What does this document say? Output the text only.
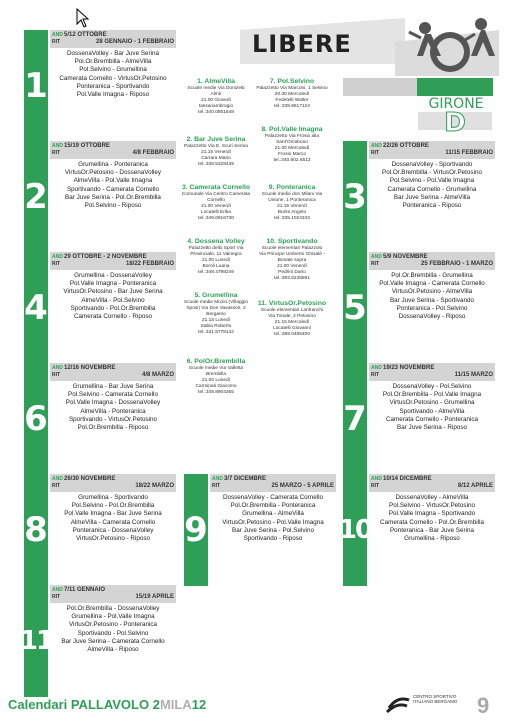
LIBERE
GIRONE
D
1
AND
RIT
5/12 OTTOBRE
28 GENNAIO - 1 FEBBRAIO
DossenaVolley - Bar Juve Serina
Pol.Or.Brembilla - AlmeVilla
Pol.Selvino - Grumellina
Camerata Cornello - VirtusOr.Petosino
Ponteranica - Sportivando
Pol.Valle Imagna - Riposo
2
AND
RIT
15/19 OTTOBRE
4/8 FEBBRAIO
Grumellina - Ponteranica
VirtusOr.Petosino - DossenaVolley
AlmeVilla - Pol.Valle Imagna
Sportivando - Camerata Cornello
Bar Juve Serina - Pol.Or.Brembilla
Pol.Selvino - Riposo	3
AND
RIT
22/26 OTTOBRE
11/15 FEBBRAIO
DossenaVolley - Sportivando
Pol.Or.Brembilla - VirtusOr.Petosino
Pol.Selvino - Pol.Valle Imagna
Camerata Cornello - Grumellina
Bar Juve Serina - AlmeVilla
Ponteranica - Riposo
4
AND
RIT
29 OTTOBRE - 2 NOVEMBRE
18/22 FEBBRAIO
Grumellina - DossenaVolley
Pol.Valle Imagna - Ponteranica
VirtusOr.Petosino - Bar Juve Serina
AlmeVilla - Pol.Selvino
Sportivando - Pol.Or.Brembilla
Camerata Cornello - Riposo	5
AND
RIT
5/9 NOVEMBRE
25 FEBBRAIO - 1 MARZO
Pol.Or.Brembilla - Grumellina
Pol.Valle Imagna - Camerata Cornello
VirtusOr.Petosino - AlmeVilla
Bar Juve Serina - Sportivando
Ponteranica - Pol.Selvino
DossenaVolley - Riposo
6
AND
RIT
12/16 NOVEMBRE
4/8 MARZO
Grumellina - Bar Juve Serina
Pol.Selvino - Camerata Cornello
Pol.Valle Imagna - DossenaVolley
AlmeVilla - Ponteranica
Sportivando - VirtusOr.Petosino
Pol.Or.Brembilla - Riposo	7
AND
RIT
19/23 NOVEMBRE
11/15 MARZO
DossenaVolley - Pol.Selvino
Pol.Or.Brembilla - Pol.Valle Imagna
VirtusOr.Petosino - Grumellina
Sportivando - AlmeVilla
Camerata Cornello - Ponteranica
Bar Juve Serina - Riposo
8
AND
RIT
26/30 NOVEMBRE
18/22 MARZO
Grumellina - Sportivando
Pol.Selvino - Pol.Or.Brembilla
Pol.Valle Imagna - Bar Juve Serina
AlmeVilla - Camerata Cornello
Ponteranica - DossenaVolley
VirtusOr.Petosino - Riposo	9
AND
RIT
3/7 DICEMBRE
25 MARZO - 5 APRILE
DossenaVolley - Camerata Cornello
Pol.Or.Brembilla - Ponteranica
Grumellina - AlmeVilla
VirtusOr.Petosino - Pol.Valle Imagna
Bar Juve Serina - Pol.Selvino
Sportivando - Riposo	10
AND
RIT
10/14 DICEMBRE
8/12 APRILE
DossenaVolley - AlmeVilla
Pol.Selvino - VirtusOr.Petosino
Pol.Valle Imagna - Sportivando
Camerata Cornello - Pol.Or.Brembilla
Ponteranica - Bar Juve Serina
Grumellina - Riposo
11
AND
RIT
7/11 GENNAIO
15/19 APRILE
Pol.Or.Brembilla - DossenaVolley
Grumellina - Pol.Valle Imagna
VirtusOr.Petosino - Ponteranica
Sportivando - Pol.Selvino
Bar Juve Serina - Camerata Cornello
AlmeVilla - Riposo
1. AlmeVilla
Scuole medie Via Donizetti
Almè
21.00 Giovedì
tassanambrogio
tel.:340.0851648
7. Pol.Selvino
Palazzetto Via Marconi, 1 Selvino
20.30 Mercoledì
Fedetelli Walter
tel.:338.9617124
8. Pol.Valle Imagna
Palazzetto Via Frosio alla
Sant'Omobono
21.00 Mercoledì
Frosio Marco
tel.:340.602.6513
2. Bar Juve Serina
Palazzetto Via E. Scuri Serina
21.15 Venerdì
Carrara Mario
tel.:338.5329439
3. Camerata Cornello
Comunale Via Centro Camerata
Cornello
21.00 Venerdì
Locatelli Erika
tel.:349.0916730
9. Ponteranica
Scuole medie don Milani Via
Unione, 1 Ponteranica
21.15 Venerdì
Burini Angelo
tel.:335.1024343
4. Dossena Volley
Palazzetto dello Sport Via
Provinciale, 11 Valnegra
21.00 Lunedì
Boroli Luana
tel.:348.4798249
10. Sportivando
Scuole elementari Palazzolo
Via Principe Umberto Ghisalè -
Bonate sopra
21.00 Venerdì
Pedrini Dario
tel.:393.6238991
5. Grumellina
Scuole medie Muzio (Villaggio
Sposi) Via Don Vavassori, 2
Bergamo
21.15 Lunedì
Sabia Roberto
tel.:331.5778142
11. VirtusOr.Petosino
Scuole elementari Lanfranchi
Via Tonale, 2 Petosino
21.15 Mercoledì
Locatelli Giovanni
tel.:389.0485400
6. PolOr.Brembilla
Scuole medie Via Valletta
Brembilla
21.00 Lunedì
Carminati Giacomo
tel.:348.8904365
Calendari PALLAVOLO 2MILA12
CENTRO SPORTIVO ITALIANO BERGAMO 9
